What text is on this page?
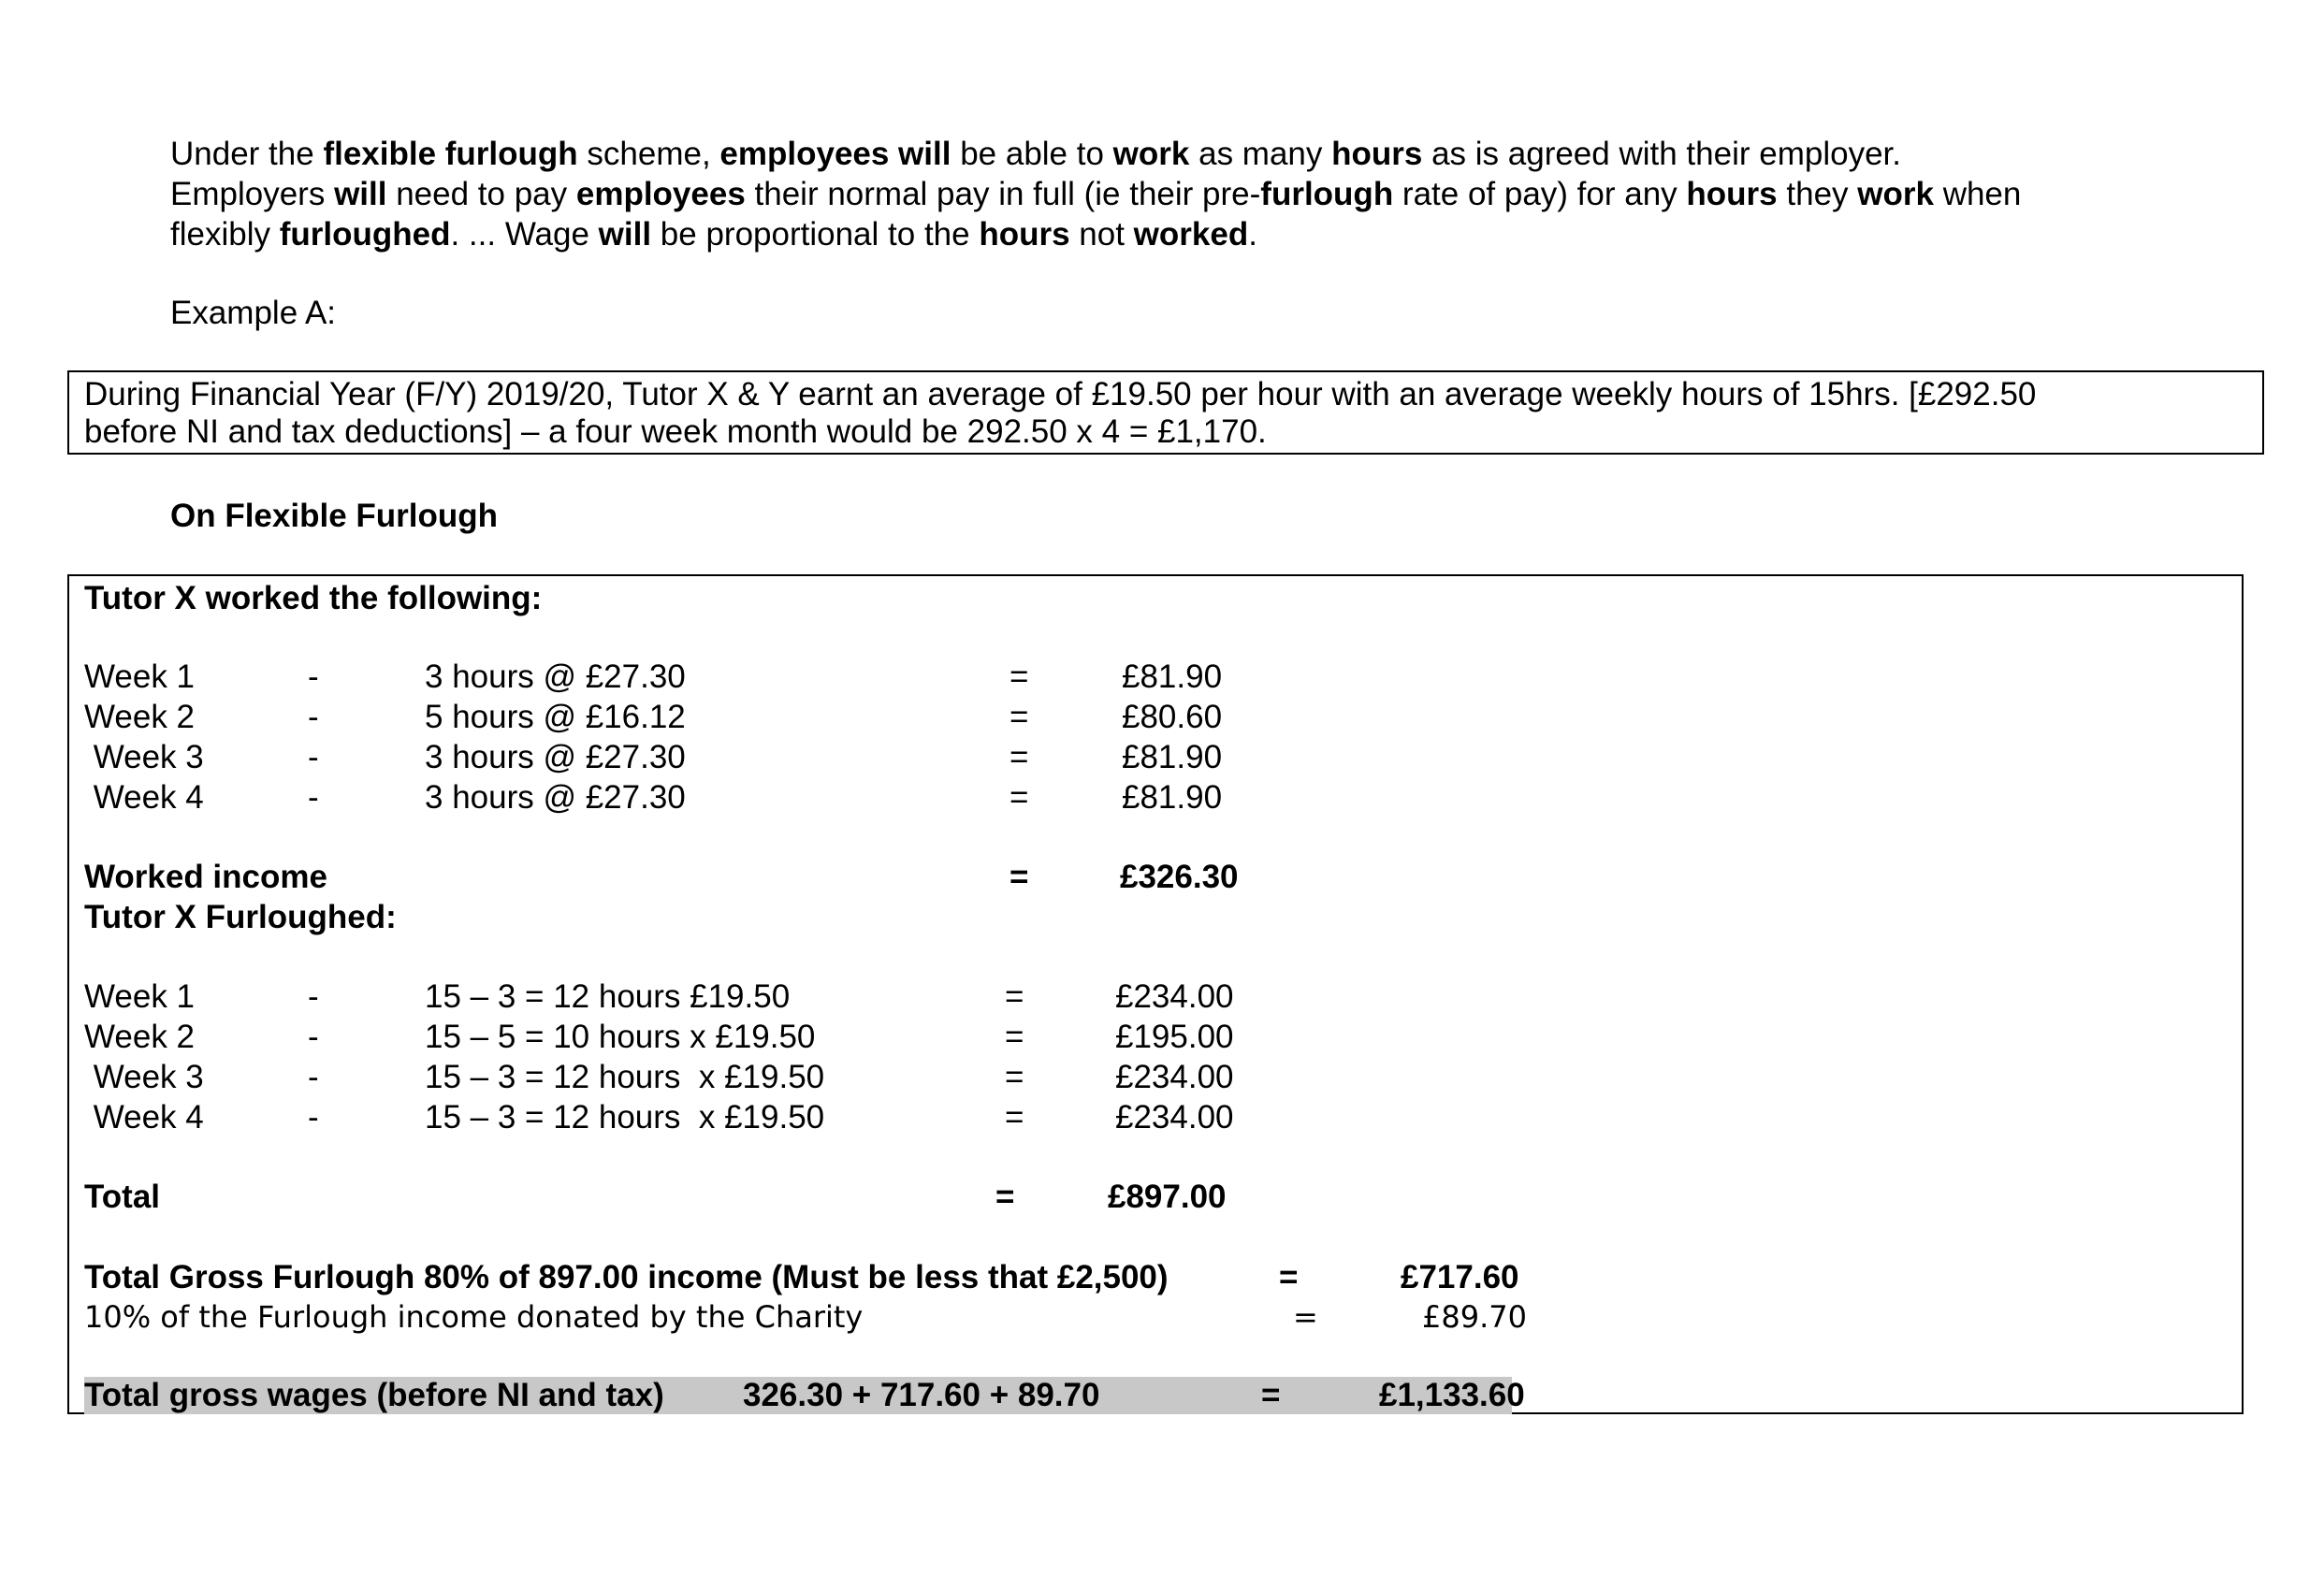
Under the flexible furlough scheme, employees will be able to work as many hours as is agreed with their employer.
Employers will need to pay employees their normal pay in full (ie their pre-furlough rate of pay) for any hours they work when
flexibly furloughed. ... Wage will be proportional to the hours not worked.
Example A:
During Financial Year (F/Y) 2019/20, Tutor X & Y earnt an average of £19.50 per hour with an average weekly hours of 15hrs. [£292.50
before NI and tax deductions] – a four week month would be 292.50 x 4 = £1,170.
On Flexible Furlough
Tutor X worked the following:
Week 1	-	3 hours @ £27.30	=	£81.90
Week 2	-	5 hours @ £16.12	=	£80.60
Week 3	-	3 hours @ £27.30	=	£81.90
Week 4	-	3 hours @ £27.30	=	£81.90
Worked income	=	£326.30
Tutor X Furloughed:
Week 1	-	15 – 3 = 12 hours £19.50	=	£234.00
Week 2	-	15 – 5 = 10 hours x £19.50	=	£195.00
Week 3	-	15 – 3 = 12 hours  x £19.50	=	£234.00
Week 4	-	15 – 3 = 12 hours  x £19.50	=	£234.00
Total	=	£897.00
Total Gross Furlough 80% of 897.00 income (Must be less that £2,500)	=	£717.60
10% of the Furlough income donated by the Charity	=	£89.70
Total gross wages (before NI and tax) 326.30 + 717.60 + 89.70	=	£1,133.60
